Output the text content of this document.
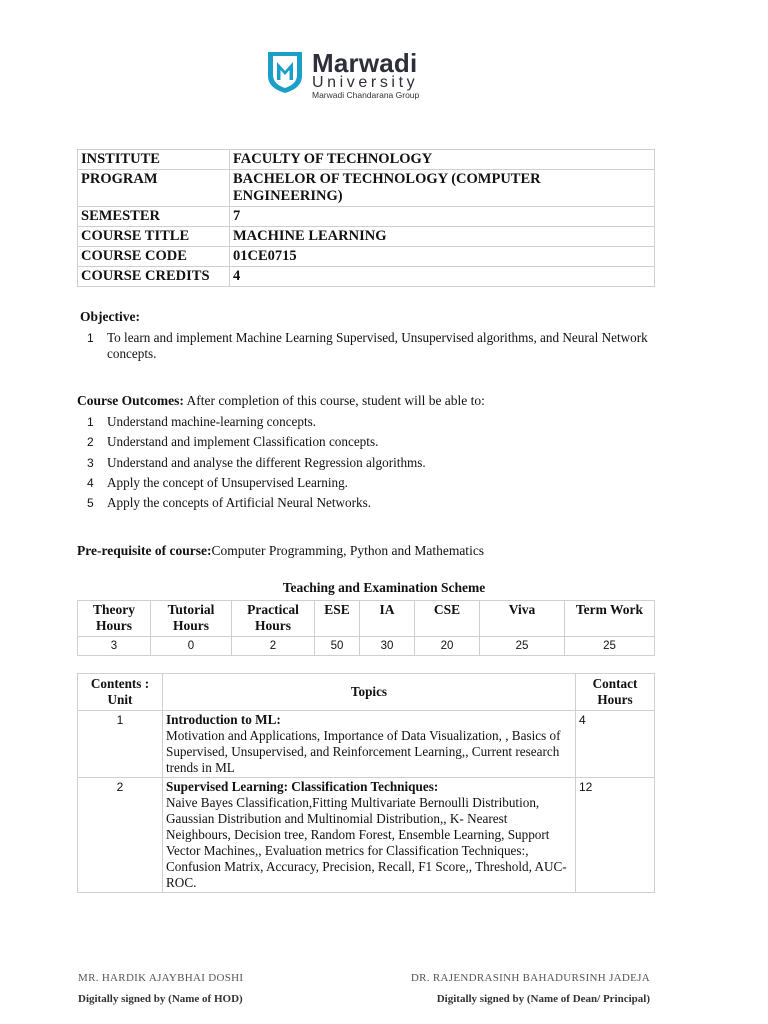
Marwadi
University
Marwadi Chandarana Group
INSTITUTE	FACULTY OF TECHNOLOGY
PROGRAM	BACHELOR OF TECHNOLOGY (COMPUTER ENGINEERING)
SEMESTER	7
COURSE TITLE	MACHINE LEARNING
COURSE CODE	01CE0715
COURSE CREDITS	4
Objective:
1 To learn and implement Machine Learning Supervised, Unsupervised algorithms, and Neural Network concepts.
Course Outcomes: After completion of this course, student will be able to:
1 Understand machine-learning concepts.
2 Understand and implement Classification concepts.
3 Understand and analyse the different Regression algorithms.
4 Apply the concept of Unsupervised Learning.
5 Apply the concepts of Artificial Neural Networks.
Pre-requisite of course:Computer Programming, Python and Mathematics
Teaching and Examination Scheme
Theory Hours	Tutorial Hours	Practical Hours	ESE	IA	CSE	Viva	Term Work
3	0	2	50	30	20	25	25
Contents : Unit	Topics	Contact Hours
1	Introduction to ML:
Motivation and Applications, Importance of Data Visualization, , Basics of Supervised, Unsupervised, and Reinforcement Learning,, Current research trends in ML	4
2	Supervised Learning: Classification Techniques:
Naive Bayes Classification,Fitting Multivariate Bernoulli Distribution, Gaussian Distribution and Multinomial Distribution,, K- Nearest Neighbours, Decision tree, Random Forest, Ensemble Learning, Support Vector Machines,, Evaluation metrics for Classification Techniques:, Confusion Matrix, Accuracy, Precision, Recall, F1 Score,, Threshold, AUC-ROC.	12
MR. HARDIK AJAYBHAI DOSHI
Digitally signed by (Name of HOD)
DR. RAJENDRASINH BAHADURSINH JADEJA
Digitally signed by (Name of Dean/ Principal)
